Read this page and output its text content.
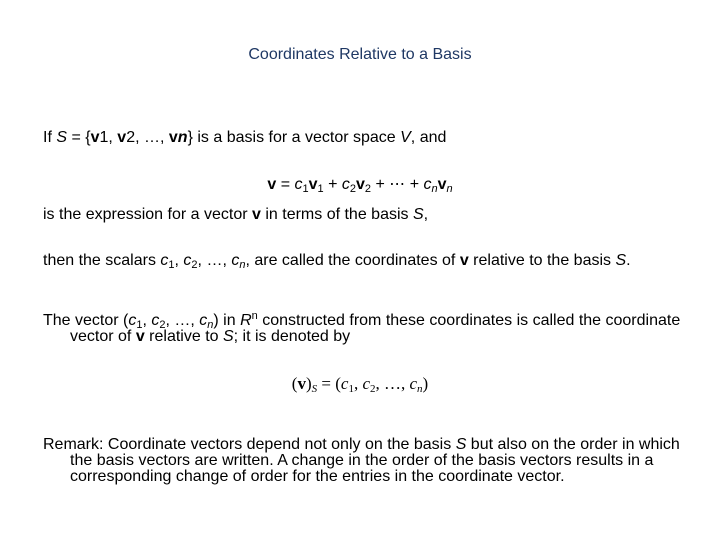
Coordinates Relative to a Basis

If S = {v1, v2, …, vn} is a basis for a vector space V, and

$v = c_1v_1 + c_2v_2$ + ⋯ + $c_nv_n$

is the expression for a vector v in terms of the basis S,

then the scalars $c_1$, $c_2$, …, $c_n$, are called the coordinates of v relative to the basis S.

The vector ($c_1$, $c_2$, …, $c_n$) in $R^n$ constructed from these coordinates is called the coordinate vector of v relative to S; it is denoted by

$(v)_S = (c_1$, $c_2$, …, $c_n$)

Remark: Coordinate vectors depend not only on the basis S but also on the order in which the basis vectors are written. A change in the order of the basis vectors results in a corresponding change of order for the entries in the coordinate vector.
